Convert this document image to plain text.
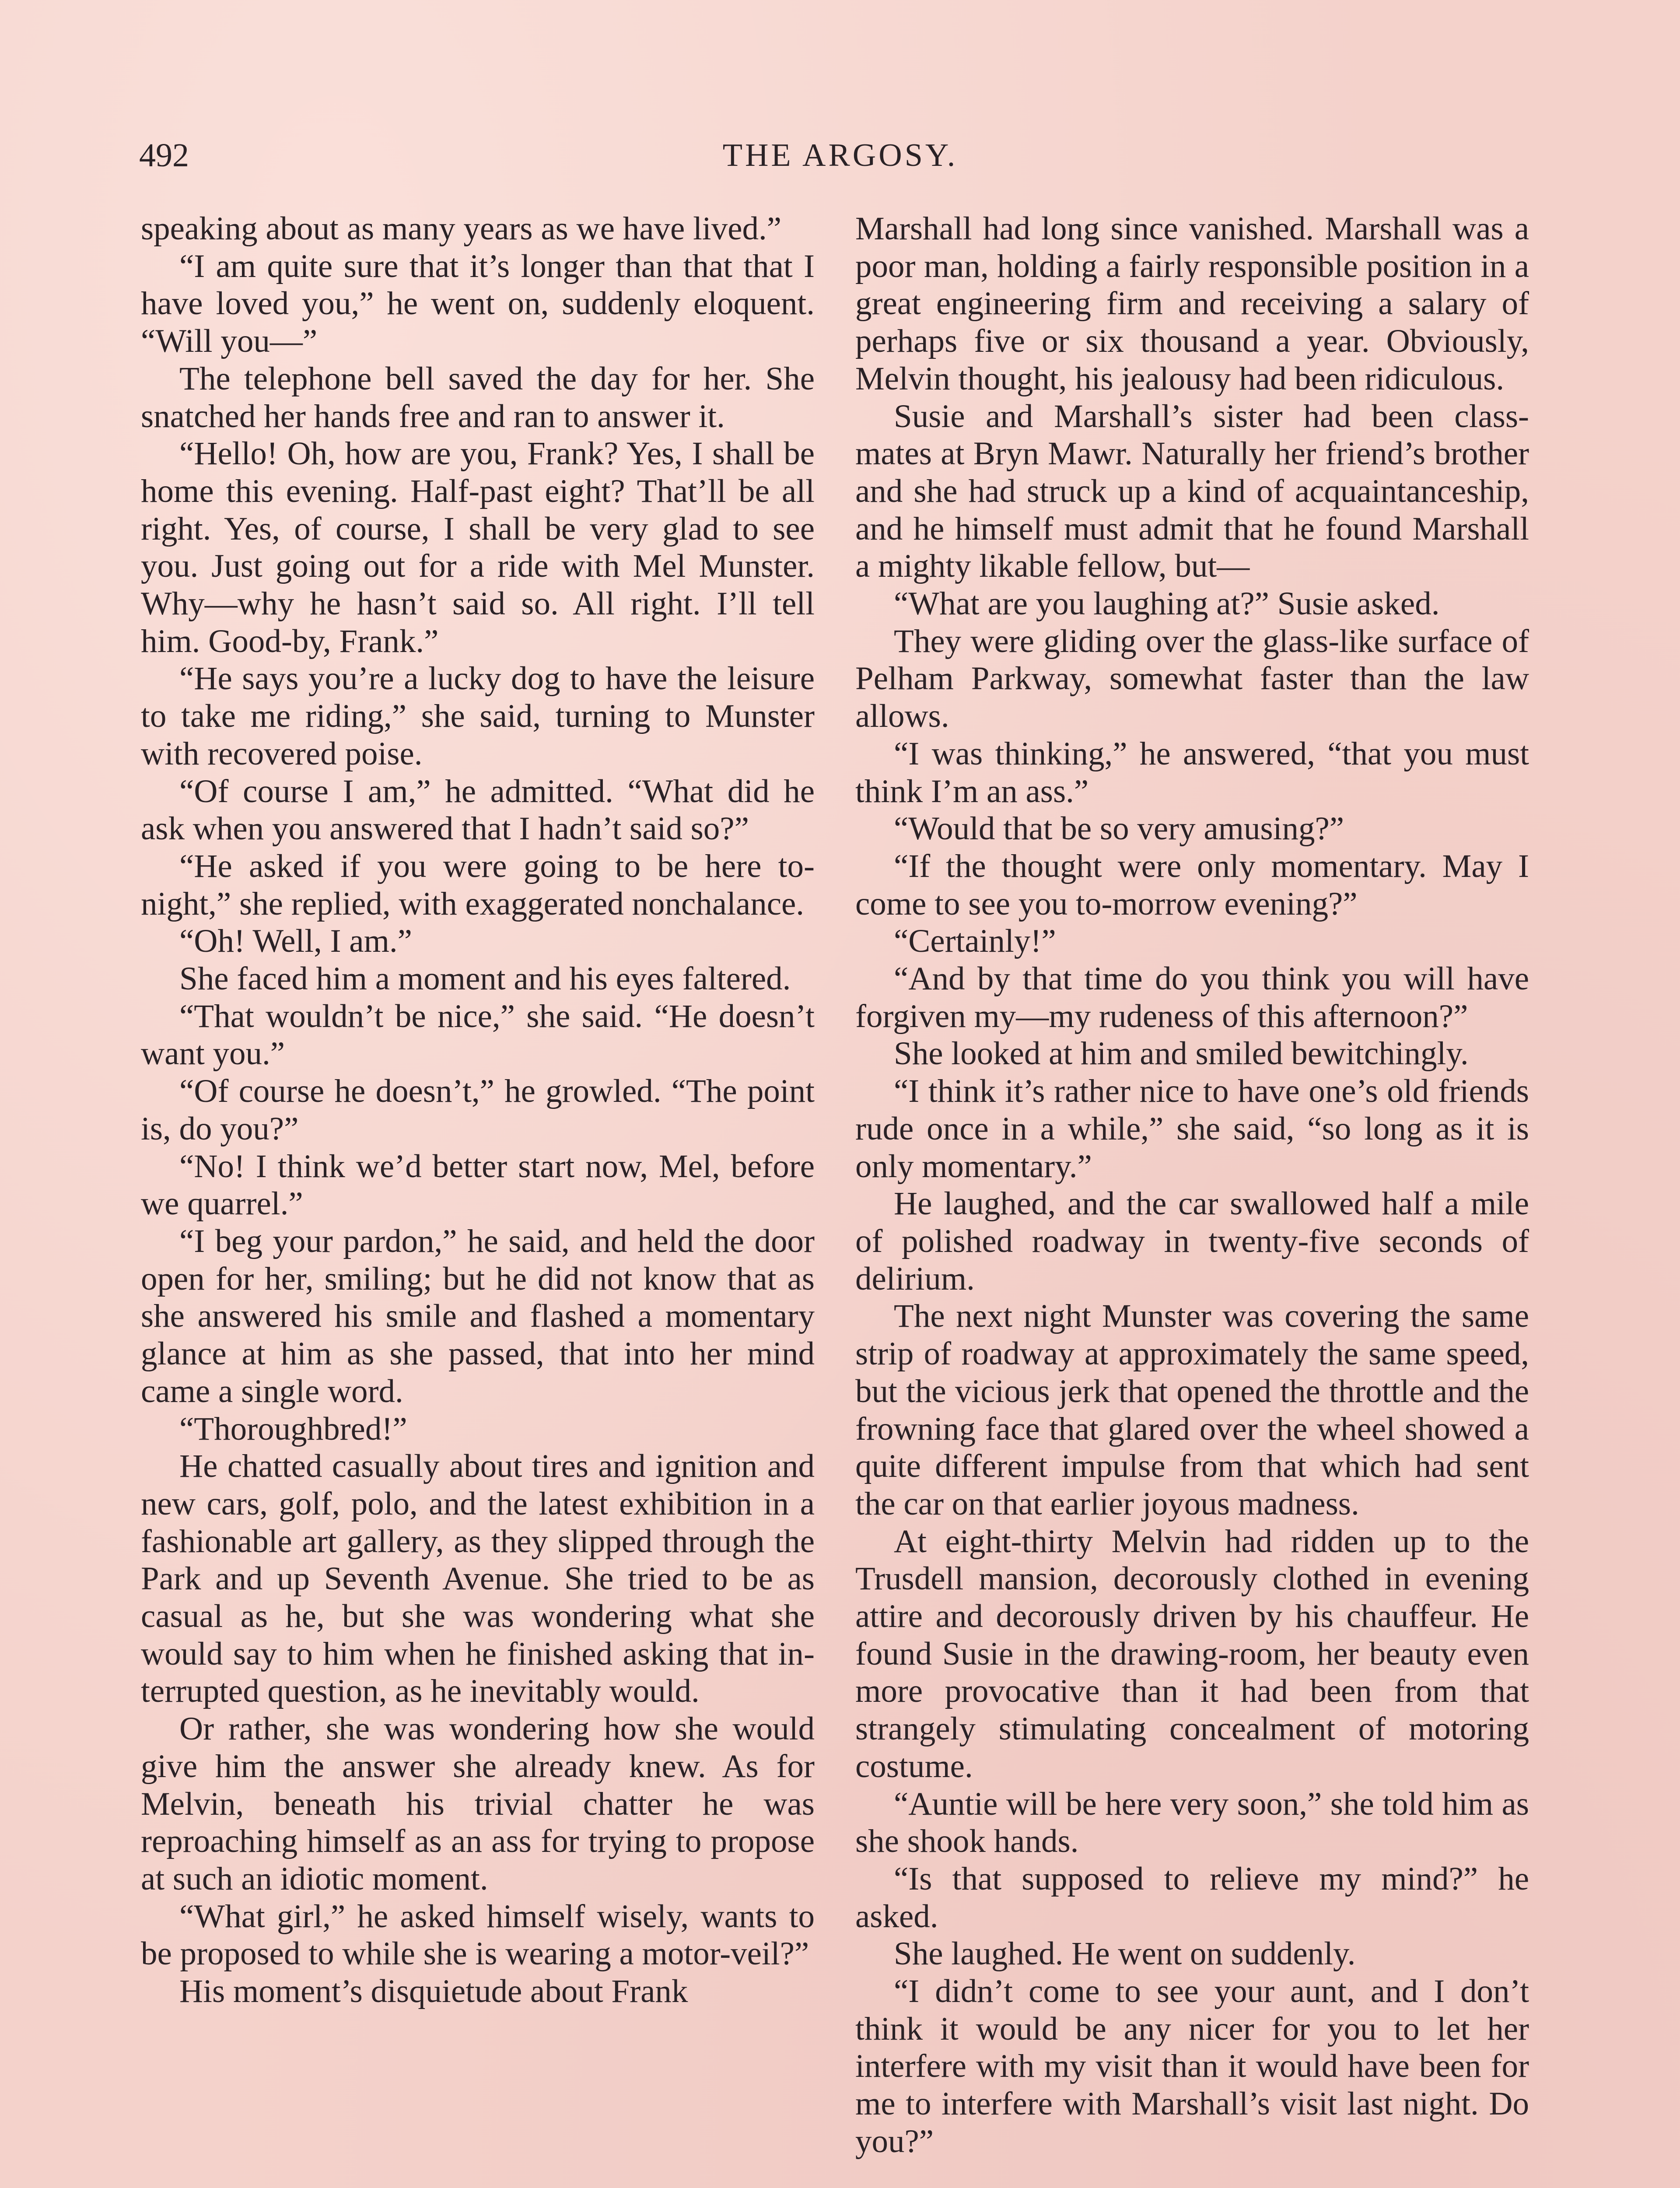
492	THE ARGOSY.

speaking about as many years as we have lived.”

“I am quite sure that it’s longer than that that I have loved you,” he went on, suddenly eloquent. “Will you—”

The telephone bell saved the day for her. She snatched her hands free and ran to answer it.

“Hello! Oh, how are you, Frank? Yes, I shall be home this evening. Half-past eight? That’ll be all right. Yes, of course, I shall be very glad to see you. Just going out for a ride with Mel Munster. Why—why he hasn’t said so. All right. I’ll tell him. Good-by, Frank.”

“He says you’re a lucky dog to have the leisure to take me riding,” she said, turning to Munster with recovered poise.

“Of course I am,” he admitted. “What did he ask when you answered that I hadn’t said so?”

“He asked if you were going to be here to-night,” she replied, with exaggerated nonchalance.

“Oh! Well, I am.”

She faced him a moment and his eyes faltered.

“That wouldn’t be nice,” she said. “He doesn’t want you.”

“Of course he doesn’t,” he growled. “The point is, do you?”

“No! I think we’d better start now, Mel, before we quarrel.”

“I beg your pardon,” he said, and held the door open for her, smiling; but he did not know that as she answered his smile and flashed a momentary glance at him as she passed, that into her mind came a single word.

“Thoroughbred!”

He chatted casually about tires and ignition and new cars, golf, polo, and the latest exhibition in a fashionable art gallery, as they slipped through the Park and up Seventh Avenue. She tried to be as casual as he, but she was wondering what she would say to him when he finished asking that interrupted question, as he inevitably would.

Or rather, she was wondering how she would give him the answer she already knew. As for Melvin, beneath his trivial chatter he was reproaching himself as an ass for trying to propose at such an idiotic moment.

“What girl,” he asked himself wisely, wants to be proposed to while she is wearing a motor-veil?”

His moment’s disquietude about Frank

Marshall had long since vanished. Marshall was a poor man, holding a fairly responsible position in a great engineering firm and receiving a salary of perhaps five or six thousand a year. Obviously, Melvin thought, his jealousy had been ridiculous.

Susie and Marshall’s sister had been class-mates at Bryn Mawr. Naturally her friend’s brother and she had struck up a kind of acquaintanceship, and he himself must admit that he found Marshall a mighty likable fellow, but—

“What are you laughing at?” Susie asked.

They were gliding over the glass-like surface of Pelham Parkway, somewhat faster than the law allows.

“I was thinking,” he answered, “that you must think I’m an ass.”

“Would that be so very amusing?”

“If the thought were only momentary. May I come to see you to-morrow evening?”

“Certainly!”

“And by that time do you think you will have forgiven my—my rudeness of this afternoon?”

She looked at him and smiled bewitchingly.

“I think it’s rather nice to have one’s old friends rude once in a while,” she said, “so long as it is only momentary.”

He laughed, and the car swallowed half a mile of polished roadway in twenty-five seconds of delirium.

The next night Munster was covering the same strip of roadway at approximately the same speed, but the vicious jerk that opened the throttle and the frowning face that glared over the wheel showed a quite different impulse from that which had sent the car on that earlier joyous madness.

At eight-thirty Melvin had ridden up to the Trusdell mansion, decorously clothed in evening attire and decorously driven by his chauffeur. He found Susie in the drawing-room, her beauty even more provocative than it had been from that strangely stimulating concealment of motoring costume.

“Auntie will be here very soon,” she told him as she shook hands.

“Is that supposed to relieve my mind?” he asked.

She laughed. He went on suddenly.

“I didn’t come to see your aunt, and I don’t think it would be any nicer for you to let her interfere with my visit than it would have been for me to interfere with Marshall’s visit last night. Do you?”
